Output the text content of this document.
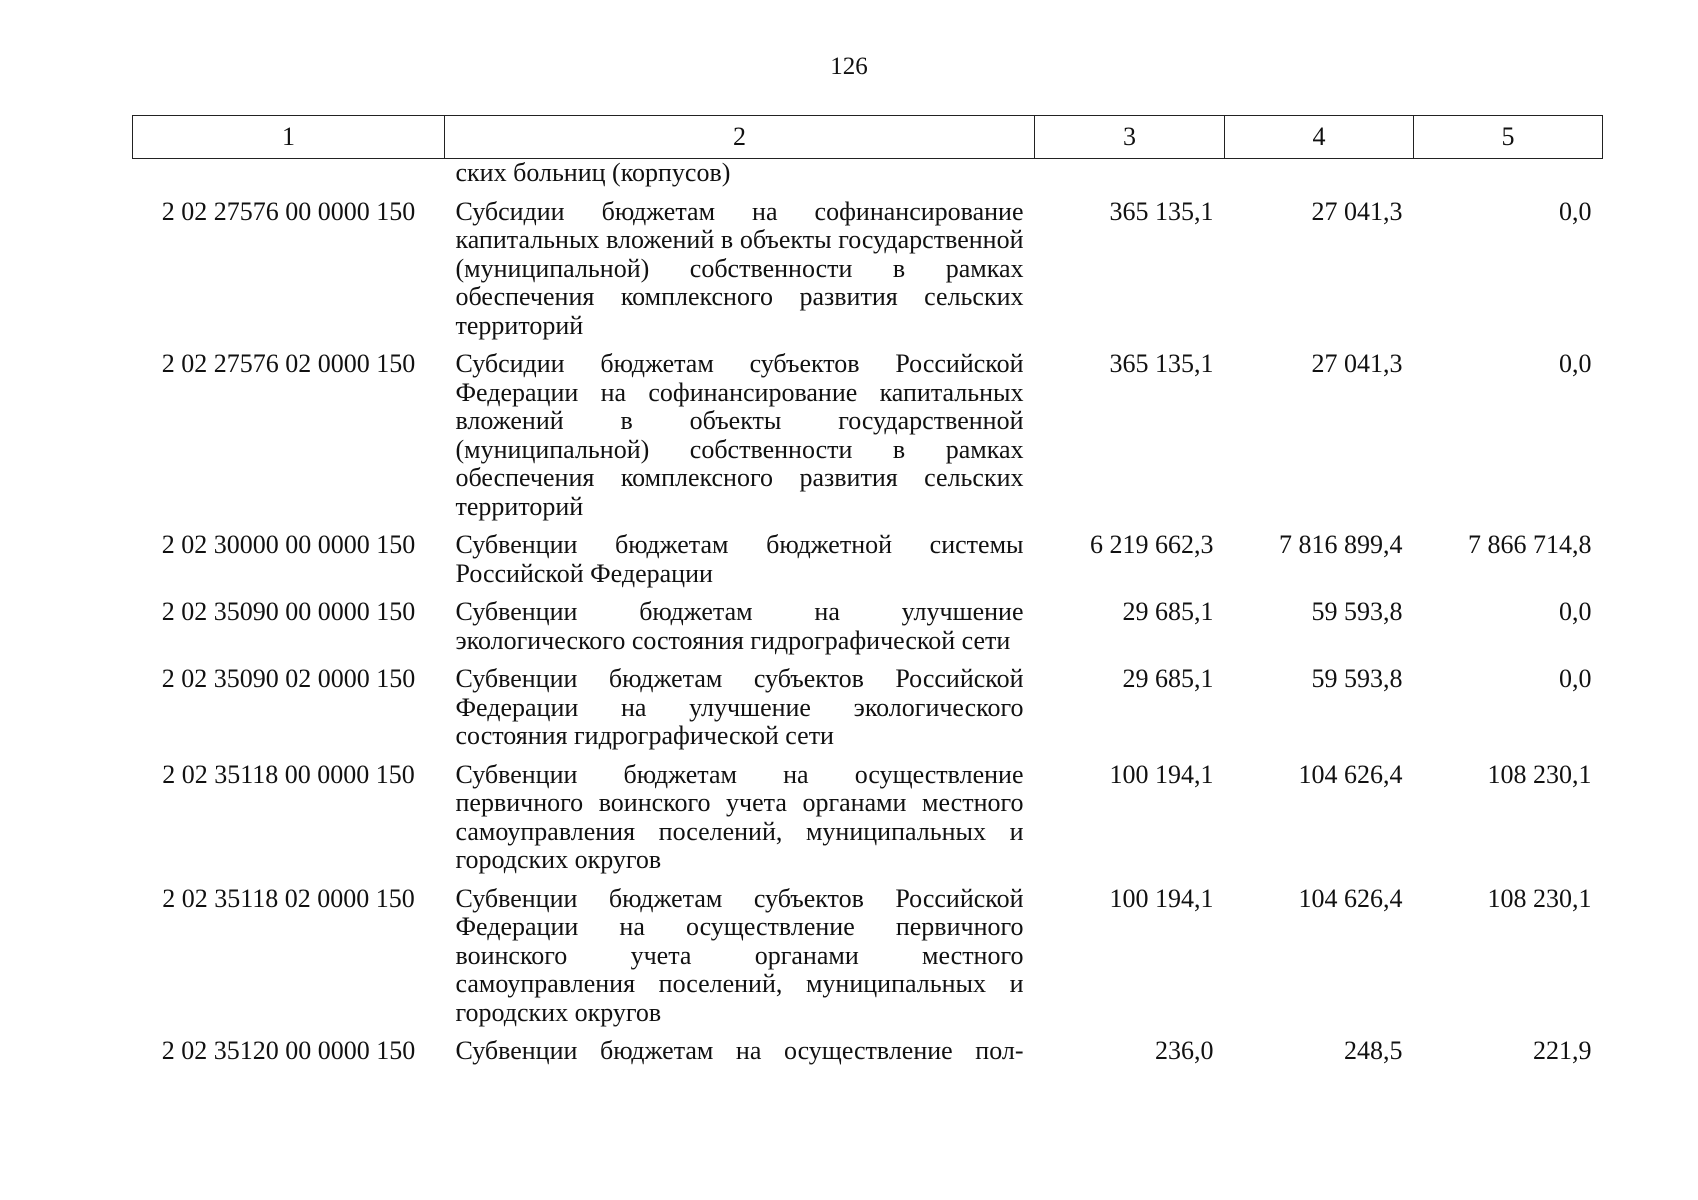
126
1	2	3	4	5
	ских больниц (корпусов)			
2 02 27576 00 0000 150	Субсидии бюджетам на софинансирование капитальных вложений в объекты государственной (муниципальной) собственности в рамках обеспечения комплексного развития сельских территорий	365 135,1	27 041,3	0,0
2 02 27576 02 0000 150	Субсидии бюджетам субъектов Российской Федерации на софинансирование капитальных вложений в объекты государственной (муниципальной) собственности в рамках обеспечения комплексного развития сельских территорий	365 135,1	27 041,3	0,0
2 02 30000 00 0000 150	Субвенции бюджетам бюджетной системы Российской Федерации	6 219 662,3	7 816 899,4	7 866 714,8
2 02 35090 00 0000 150	Субвенции бюджетам на улучшение экологического состояния гидрографической сети	29 685,1	59 593,8	0,0
2 02 35090 02 0000 150	Субвенции бюджетам субъектов Российской Федерации на улучшение экологического состояния гидрографической сети	29 685,1	59 593,8	0,0
2 02 35118 00 0000 150	Субвенции бюджетам на осуществление первичного воинского учета органами местного самоуправления поселений, муниципальных и городских округов	100 194,1	104 626,4	108 230,1
2 02 35118 02 0000 150	Субвенции бюджетам субъектов Российской Федерации на осуществление первичного воинского учета органами местного самоуправления поселений, муниципальных и городских округов	100 194,1	104 626,4	108 230,1
2 02 35120 00 0000 150	Субвенции бюджетам на осуществление пол-	236,0	248,5	221,9
